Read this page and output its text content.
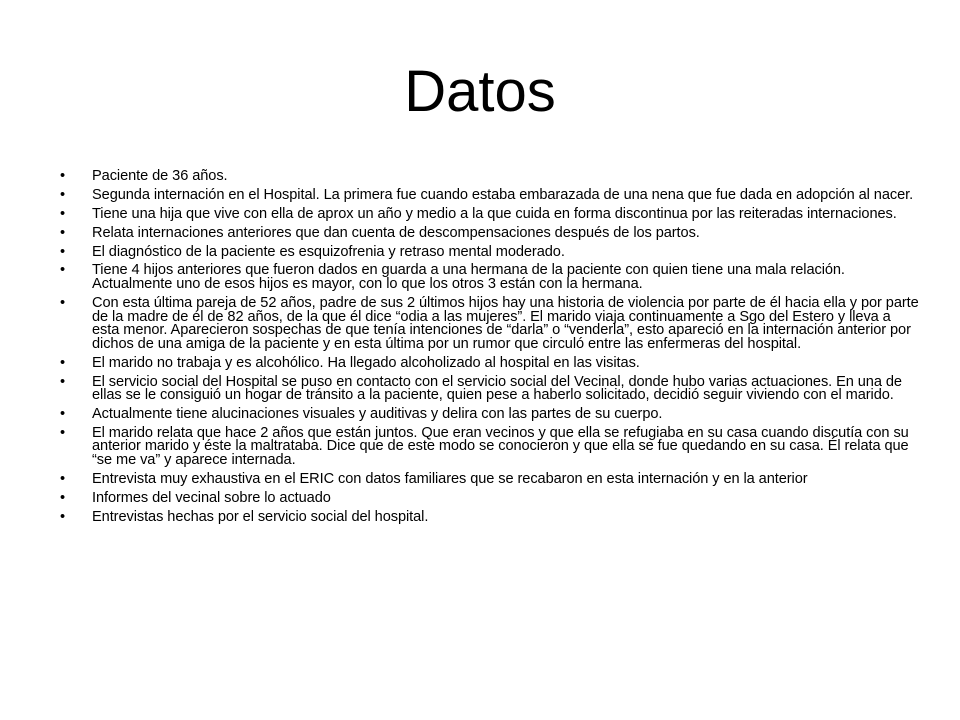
Datos
• Paciente de 36 años.
• Segunda internación en el Hospital. La primera fue cuando estaba embarazada de una nena que fue dada en adopción al nacer.
• Tiene una hija que vive con ella de aprox un año y medio a la que cuida en forma discontinua por las reiteradas internaciones.
• Relata internaciones anteriores que dan cuenta de descompensaciones después de los partos.
• El diagnóstico de la paciente es esquizofrenia y retraso mental moderado.
• Tiene 4 hijos anteriores que fueron dados en guarda a una hermana de la paciente con quien tiene una mala relación. Actualmente uno de esos hijos es mayor, con lo que los otros 3 están con la hermana.
• Con esta última pareja de 52 años, padre de sus 2 últimos hijos hay una historia de violencia por parte de él hacia ella y por parte de la madre de él de 82 años, de la que él dice “odia a las mujeres”. El marido viaja continuamente a Sgo del Estero y lleva a esta menor. Aparecieron sospechas de que tenía intenciones de “darla” o “venderla”, esto apareció en la internación anterior por dichos de una amiga de la paciente y en esta última por un rumor que circuló entre las enfermeras del hospital.
• El marido no trabaja y es alcohólico. Ha llegado alcoholizado al hospital en las visitas.
• El servicio social del Hospital se puso en contacto con el servicio social del Vecinal, donde hubo varias actuaciones. En una de ellas se le consiguió un hogar de tránsito a la paciente, quien pese a haberlo solicitado, decidió seguir viviendo con el marido.
• Actualmente tiene alucinaciones visuales y auditivas y delira con las partes de su cuerpo.
• El marido relata que hace 2 años que están juntos. Que eran vecinos y que ella se refugiaba en su casa cuando discutía con su anterior marido y éste la maltrataba. Dice que de este modo se conocieron y que ella se fue quedando en su casa. Él relata que “se me va” y aparece internada.
• Entrevista muy exhaustiva en el ERIC con datos familiares que se recabaron en esta internación y en la anterior
• Informes del vecinal sobre lo actuado
• Entrevistas hechas por el servicio social del hospital.
